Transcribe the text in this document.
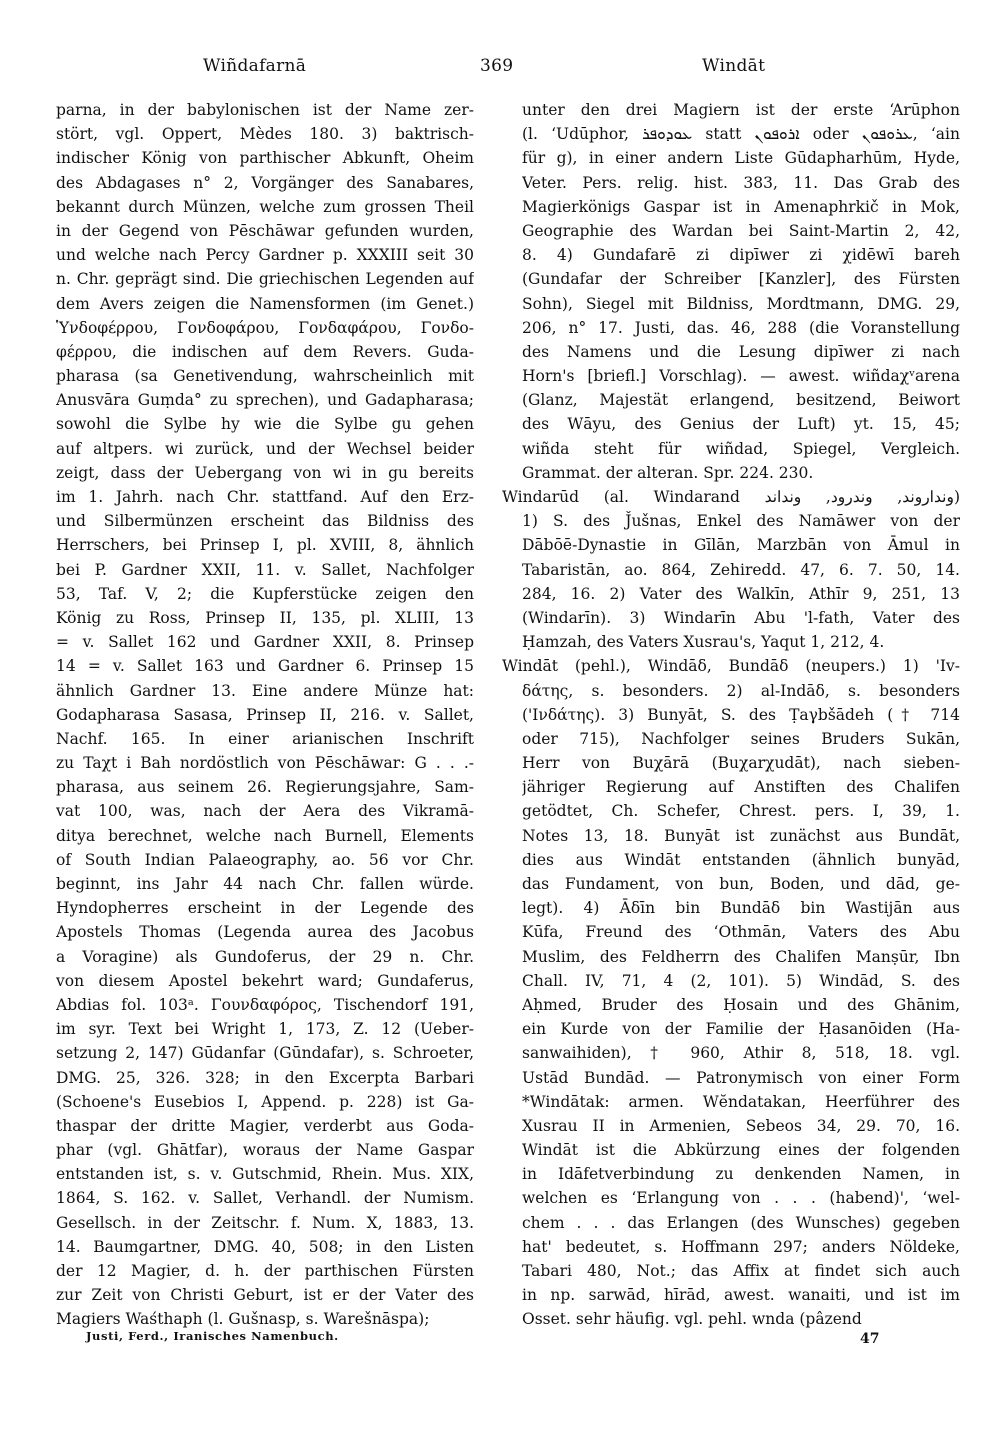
Wiñdafarnā	369	Windāt
parna, in der babylonischen ist der Name zer-
stört, vgl. Oppert, Mèdes 180. 3) baktrisch-
indischer König von parthischer Abkunft, Oheim
des Abdagases n° 2, Vorgänger des Sanabares,
bekannt durch Münzen, welche zum grossen Theil
in der Gegend von Pēschāwar gefunden wurden,
und welche nach Percy Gardner p. XXXIII seit 30
n. Chr. geprägt sind. Die griechischen Legenden auf
dem Avers zeigen die Namensformen (im Genet.)
Ὑνδοφέρρου, Γονδοφάρου, Γονδαφάρου, Γονδο-
φέρρου, die indischen auf dem Revers. Guda-
pharasa (sa Genetivendung, wahrscheinlich mit
Anusvāra Guṃda° zu sprechen), und Gadapharasa;
sowohl die Sylbe hy wie die Sylbe gu gehen
auf altpers. wi zurück, und der Wechsel beider
zeigt, dass der Uebergang von wi in gu bereits
im 1. Jahrh. nach Chr. stattfand. Auf den Erz-
und Silbermünzen erscheint das Bildniss des
Herrschers, bei Prinsep I, pl. XVIII, 8, ähnlich
bei P. Gardner XXII, 11. v. Sallet, Nachfolger
53, Taf. V, 2; die Kupferstücke zeigen den
König zu Ross, Prinsep II, 135, pl. XLIII, 13
= v. Sallet 162 und Gardner XXII, 8. Prinsep
14 = v. Sallet 163 und Gardner 6. Prinsep 15
ähnlich Gardner 13. Eine andere Münze hat:
Godapharasa Sasasa, Prinsep II, 216. v. Sallet,
Nachf. 165. In einer arianischen Inschrift
zu Taχt i Bah nordöstlich von Pēschāwar: G . . .-
pharasa, aus seinem 26. Regierungsjahre, Sam-
vat 100, was, nach der Aera des Vikramā-
ditya berechnet, welche nach Burnell, Elements
of South Indian Palaeography, ao. 56 vor Chr.
beginnt, ins Jahr 44 nach Chr. fallen würde.
Hyndopherres erscheint in der Legende des
Apostels Thomas (Legenda aurea des Jacobus
a Voragine) als Gundoferus, der 29 n. Chr.
von diesem Apostel bekehrt ward; Gundaferus,
Abdias fol. 103ᵃ. Γουνδαφόρος, Tischendorf 191,
im syr. Text bei Wright 1, 173, Z. 12 (Ueber-
setzung 2, 147) Gūdanfar (Gūndafar), s. Schroeter,
DMG. 25, 326. 328; in den Excerpta Barbari
(Schoene's Eusebios I, Append. p. 228) ist Ga-
thaspar der dritte Magier, verderbt aus Goda-
phar (vgl. Ghātfar), woraus der Name Gaspar
entstanden ist, s. v. Gutschmid, Rhein. Mus. XIX,
1864, S. 162. v. Sallet, Verhandl. der Numism.
Gesellsch. in der Zeitschr. f. Num. X, 1883, 13.
14. Baumgartner, DMG. 40, 508; in den Listen
der 12 Magier, d. h. der parthischen Fürsten
zur Zeit von Christi Geburt, ist er der Vater des
Magiers Waśthaph (l. Gušnasp, s. Warešnāspa);
unter den drei Magiern ist der erste ʻArūphon
(l. ʻUdūphor, ܥܘܕܘܦܪ statt ܐܪܘܦܘܢ oder ܥܪܘܦܘܢ, ʻain
für g), in einer andern Liste Gūdapharhūm, Hyde,
Veter. Pers. relig. hist. 383, 11. Das Grab des
Magierkönigs Gaspar ist in Amenaphrkič in Mok,
Geographie des Wardan bei Saint-Martin 2, 42,
8. 4) Gundafarē zi dipīwer zi χidēwī bareh
(Gundafar der Schreiber [Kanzler], des Fürsten
Sohn), Siegel mit Bildniss, Mordtmann, DMG. 29,
206, n° 17. Justi, das. 46, 288 (die Voranstellung
des Namens und die Lesung dipīwer zi nach
Horn's [briefl.] Vorschlag). — awest. wiñdaχᵛarena
(Glanz, Majestät erlangend, besitzend, Beiwort
des Wāyu, des Genius der Luft) yt. 15, 45;
wiñda steht für wiñdad, Spiegel, Vergleich.
Grammat. der alteran. Spr. 224. 230.
Windarūd (al. Windarand ونداروند, وندرود, ونداند)
1) S. des J̌ušnas, Enkel des Namāwer von der
Dābōē-Dynastie in Gīlān, Marzbān von Āmul in
Tabaristān, ao. 864, Zehiredd. 47, 6. 7. 50, 14.
284, 16. 2) Vater des Walkīn, Athīr 9, 251, 13
(Windarīn). 3) Windarīn Abu 'l-fath, Vater des
Ḥamzah, des Vaters Xusrau's, Yaqut 1, 212, 4.
Windāt (pehl.), Windāδ, Bundāδ (neupers.) 1) 'Iv-
δάτης, s. besonders. 2) al-Indāδ, s. besonders
('Ινδάτης). 3) Bunyāt, S. des Ṭaγbšādeh († 714
oder 715), Nachfolger seines Bruders Sukān,
Herr von Buχārā (Buχarχudāt), nach sieben-
jähriger Regierung auf Anstiften des Chalifen
getödtet, Ch. Schefer, Chrest. pers. I, 39, 1.
Notes 13, 18. Bunyāt ist zunächst aus Bundāt,
dies aus Windāt entstanden (ähnlich bunyād,
das Fundament, von bun, Boden, und dād, ge-
legt). 4) Āδīn bin Bundāδ bin Wastijān aus
Kūfa, Freund des ʻOthmān, Vaters des Abu
Muslim, des Feldherrn des Chalifen Manṣūr, Ibn
Chall. IV, 71, 4 (2, 101). 5) Windād, S. des
Aḥmed, Bruder des Ḥosain und des Ghānim,
ein Kurde von der Familie der Ḥasanōiden (Ha-
sanwaihiden), † 960, Athir 8, 518, 18. vgl.
Ustād Bundād. — Patronymisch von einer Form
*Windātak: armen. Wĕndatakan, Heerführer des
Xusrau II in Armenien, Sebeos 34, 29. 70, 16.
Windāt ist die Abkürzung eines der folgenden
in Idāfetverbindung zu denkenden Namen, in
welchen es ʻErlangung von . . . (habend)', ʻwel-
chem . . . das Erlangen (des Wunsches) gegeben
hat' bedeutet, s. Hoffmann 297; anders Nöldeke,
Tabari 480, Not.; das Affix at findet sich auch
in np. sarwād, hīrād, awest. wanaiti, und ist im
Osset. sehr häufig. vgl. pehl. wnda (pâzend
Justi, Ferd., Iranisches Namenbuch.	47
